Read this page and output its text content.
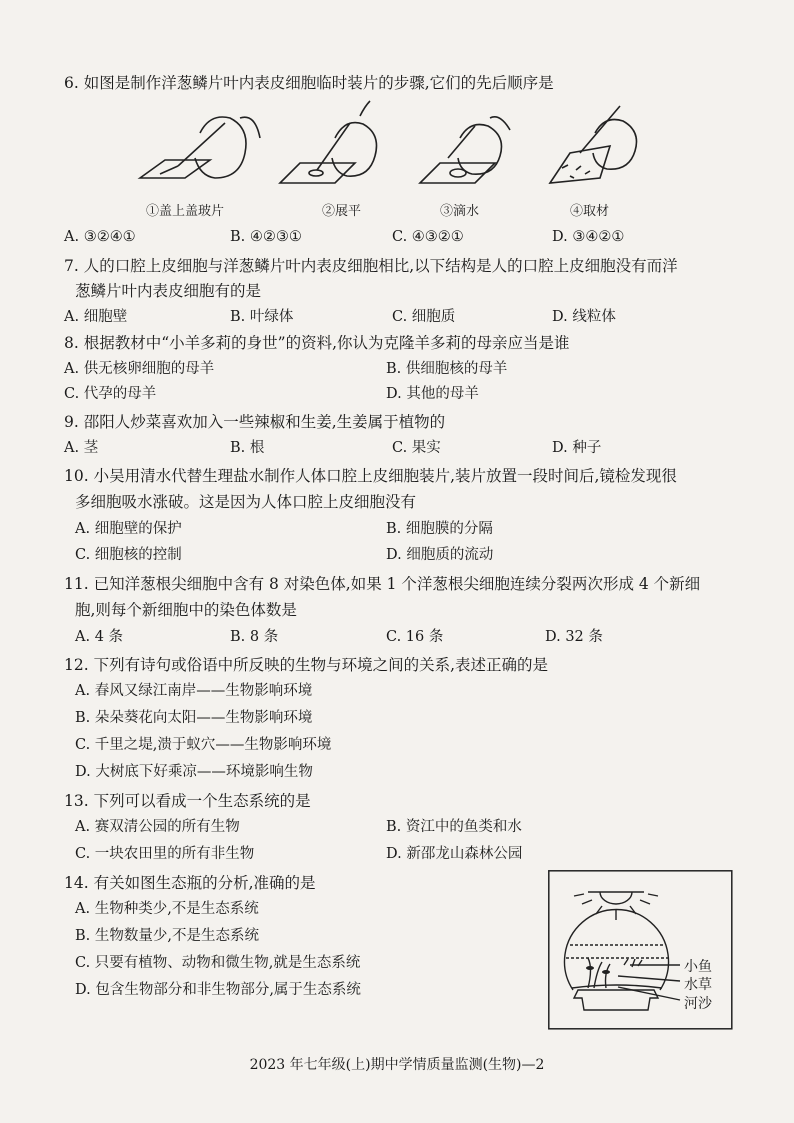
6. 如图是制作洋葱鳞片叶内表皮细胞临时装片的步骤,它们的先后顺序是
①盖上盖玻片	②展平	③滴水	④取材
A. ③②④①	B. ④②③①	C. ④③②①	D. ③④②①
7. 人的口腔上皮细胞与洋葱鳞片叶内表皮细胞相比,以下结构是人的口腔上皮细胞没有而洋
葱鳞片叶内表皮细胞有的是
A. 细胞壁	B. 叶绿体	C. 细胞质	D. 线粒体
8. 根据教材中“小羊多莉的身世”的资料,你认为克隆羊多莉的母亲应当是谁
A. 供无核卵细胞的母羊	B. 供细胞核的母羊
C. 代孕的母羊	D. 其他的母羊
9. 邵阳人炒菜喜欢加入一些辣椒和生姜,生姜属于植物的
A. 茎	B. 根	C. 果实	D. 种子
10. 小吴用清水代替生理盐水制作人体口腔上皮细胞装片,装片放置一段时间后,镜检发现很
多细胞吸水涨破。这是因为人体口腔上皮细胞没有
A. 细胞壁的保护	B. 细胞膜的分隔
C. 细胞核的控制	D. 细胞质的流动
11. 已知洋葱根尖细胞中含有 8 对染色体,如果 1 个洋葱根尖细胞连续分裂两次形成 4 个新细
胞,则每个新细胞中的染色体数是
A. 4 条	B. 8 条	C. 16 条	D. 32 条
12. 下列有诗句或俗语中所反映的生物与环境之间的关系,表述正确的是
A. 春风又绿江南岸——生物影响环境
B. 朵朵葵花向太阳——生物影响环境
C. 千里之堤,溃于蚁穴——生物影响环境
D. 大树底下好乘凉——环境影响生物
13. 下列可以看成一个生态系统的是
A. 赛双清公园的所有生物	B. 资江中的鱼类和水
C. 一块农田里的所有非生物	D. 新邵龙山森林公园
14. 有关如图生态瓶的分析,准确的是
A. 生物种类少,不是生态系统
B. 生物数量少,不是生态系统
C. 只要有植物、动物和微生物,就是生态系统
D. 包含生物部分和非生物部分,属于生态系统
小鱼
水草
河沙
2023 年七年级(上)期中学情质量监测(生物)—2
